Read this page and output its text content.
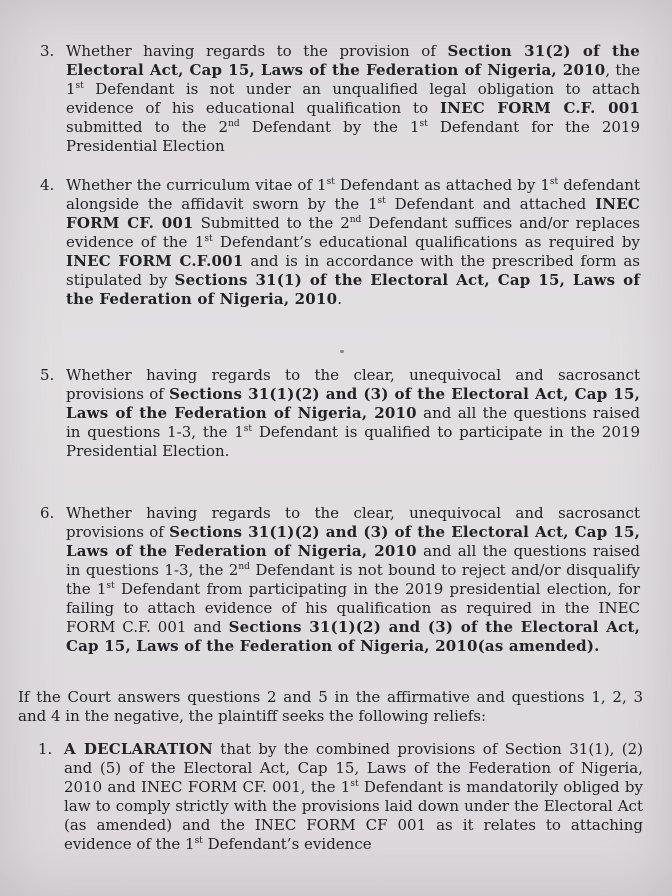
3. Whether having regards to the provision of Section 31(2) of the Electoral Act, Cap 15, Laws of the Federation of Nigeria, 2010, the 1st Defendant is not under an unqualified legal obligation to attach evidence of his educational qualification to INEC FORM C.F. 001 submitted to the 2nd Defendant by the 1st Defendant for the 2019 Presidential Election

4. Whether the curriculum vitae of 1st Defendant as attached by 1st defendant alongside the affidavit sworn by the 1st Defendant and attached INEC FORM CF. 001 Submitted to the 2nd Defendant suffices and/or replaces evidence of the 1st Defendant’s educational qualifications as required by INEC FORM C.F.001 and is in accordance with the prescribed form as stipulated by Sections 31(1) of the Electoral Act, Cap 15, Laws of the Federation of Nigeria, 2010.

5. Whether having regards to the clear, unequivocal and sacrosanct provisions of Sections 31(1)(2) and (3) of the Electoral Act, Cap 15, Laws of the Federation of Nigeria, 2010 and all the questions raised in questions 1-3, the 1st Defendant is qualified to participate in the 2019 Presidential Election.

6. Whether having regards to the clear, unequivocal and sacrosanct provisions of Sections 31(1)(2) and (3) of the Electoral Act, Cap 15, Laws of the Federation of Nigeria, 2010 and all the questions raised in questions 1-3, the 2nd Defendant is not bound to reject and/or disqualify the 1st Defendant from participating in the 2019 presidential election, for failing to attach evidence of his qualification as required in the INEC FORM C.F. 001 and Sections 31(1)(2) and (3) of the Electoral Act, Cap 15, Laws of the Federation of Nigeria, 2010(as amended).

If the Court answers questions 2 and 5 in the affirmative and questions 1, 2, 3 and 4 in the negative, the plaintiff seeks the following reliefs:

1. A DECLARATION that by the combined provisions of Section 31(1), (2) and (5) of the Electoral Act, Cap 15, Laws of the Federation of Nigeria, 2010 and INEC FORM CF. 001, the 1st Defendant is mandatorily obliged by law to comply strictly with the provisions laid down under the Electoral Act (as amended) and the INEC FORM CF 001 as it relates to attaching evidence of the 1st Defendant’s evidence
